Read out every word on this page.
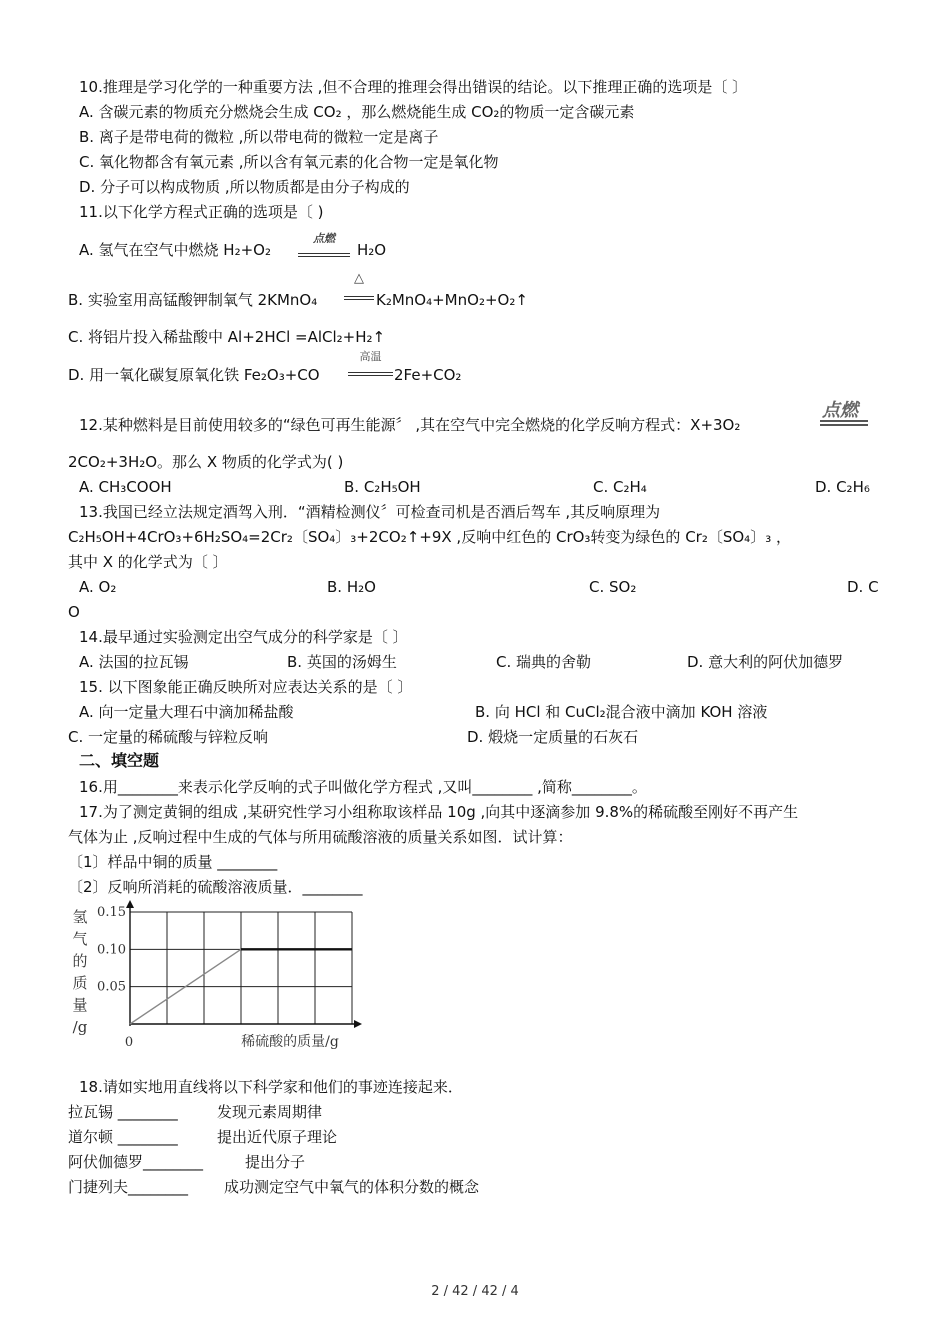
10.推理是学习化学的一种重要方法 ,但不合理的推理会得出错误的结论。以下推理正确的选项是〔 〕
A. 含碳元素的物质充分燃烧会生成 CO₂ ，那么燃烧能生成 CO₂的物质一定含碳元素
B. 离子是带电荷的微粒 ,所以带电荷的微粒一定是离子
C. 氧化物都含有氧元素 ,所以含有氧元素的化合物一定是氧化物
D. 分子可以构成物质 ,所以物质都是由分子构成的
11.以下化学方程式正确的选项是〔 )
A. 氢气在空气中燃烧 H₂+O₂
点燃
H₂O
B. 实验室用高锰酸钾制氧气 2KMnO₄
△
K₂MnO₄+MnO₂+O₂↑
C. 将铝片投入稀盐酸中 Al+2HCl =AlCl₂+H₂↑
D. 用一氧化碳复原氧化铁 Fe₂O₃+CO
高温
2Fe+CO₂
12.某种燃料是目前使用较多的“绿色可再生能源〞 ,其在空气中完全燃烧的化学反响方程式：X+3O₂
点燃
2CO₂+3H₂O。那么 X 物质的化学式为( )
A. CH₃COOH	B. C₂H₅OH	C. C₂H₄	D. C₂H₆
13.我国已经立法规定酒驾入刑．“酒精检测仪〞可检查司机是否酒后驾车 ,其反响原理为
C₂H₅OH+4CrO₃+6H₂SO₄=2Cr₂〔SO₄〕₃+2CO₂↑+9X ,反响中红色的 CrO₃转变为绿色的 Cr₂〔SO₄〕₃ ，
其中 X 的化学式为〔 〕
A. O₂	B. H₂O	C. SO₂	D. C
O
14.最早通过实验测定出空气成分的科学家是〔 〕
A. 法国的拉瓦锡	B. 英国的汤姆生	C. 瑞典的舍勒	D. 意大利的阿伏加德罗
15. 以下图象能正确反映所对应表达关系的是〔 〕
A. 向一定量大理石中滴加稀盐酸	B. 向 HCl 和 CuCl₂混合液中滴加 KOH 溶液
C. 一定量的稀硫酸与锌粒反响	D. 煅烧一定质量的石灰石
二、填空题
16.用________来表示化学反响的式子叫做化学方程式 ,又叫________ ,简称________。
17.为了测定黄铜的组成 ,某研究性学习小组称取该样品 10g ,向其中逐滴参加 9.8%的稀硫酸至刚好不再产生
气体为止 ,反响过程中生成的气体与所用硫酸溶液的质量关系如图．试计算：
〔1〕样品中铜的质量 ________
〔2〕反响所消耗的硫酸溶液质量．________
0.15
0.10
0.05
0	稀硫酸的质量/g
氢
气
的
质
量
/g
18.请如实地用直线将以下科学家和他们的事迹连接起来．
拉瓦锡 ________	发现元素周期律
道尔顿 ________	提出近代原子理论
阿伏伽德罗________	提出分子
门捷列夫________ 成功测定空气中氧气的体积分数的概念
2 / 42 / 42 / 4
